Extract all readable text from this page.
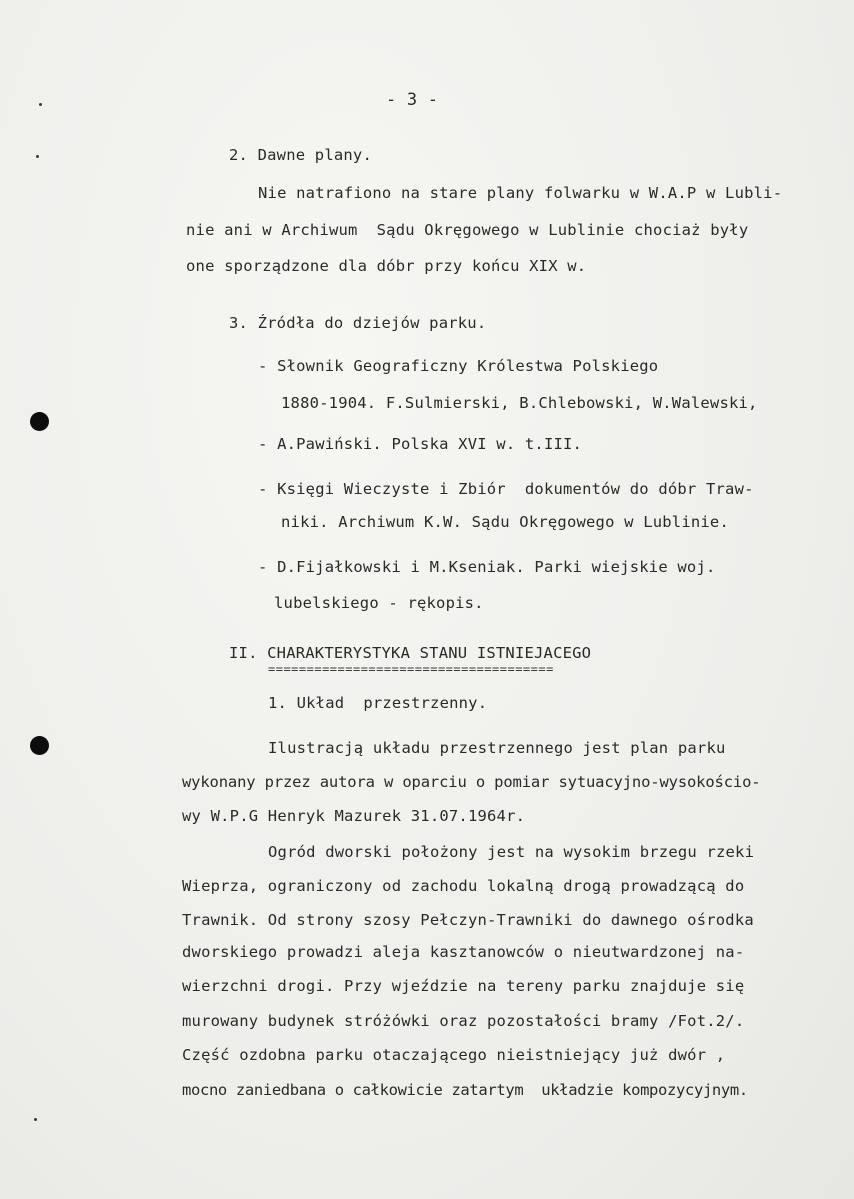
- 3 -
2. Dawne plany.
Nie natrafiono na stare plany folwarku w W.A.P w Lubli-
nie ani w Archiwum  Sądu Okręgowego w Lublinie chociaż były
one sporządzone dla dóbr przy końcu XIX w.
3. Źródła do dziejów parku.
- Słownik Geograficzny Królestwa Polskiego
1880-1904. F.Sulmierski, B.Chlebowski, W.Walewski,
- A.Pawiński. Polska XVI w. t.III.
- Księgi Wieczyste i Zbiór  dokumentów do dóbr Traw-
niki. Archiwum K.W. Sądu Okręgowego w Lublinie.
- D.Fijałkowski i M.Kseniak. Parki wiejskie woj.
lubelskiego - rękopis.
II. CHARAKTERYSTYKA STANU ISTNIEJACEGO
=====================================
1. Układ  przestrzenny.
Ilustracją układu przestrzennego jest plan parku
wykonany przez autora w oparciu o pomiar sytuacyjno-wysokościo-
wy W.P.G Henryk Mazurek 31.07.1964r.
Ogród dworski położony jest na wysokim brzegu rzeki
Wieprza, ograniczony od zachodu lokalną drogą prowadzącą do
Trawnik. Od strony szosy Pełczyn-Trawniki do dawnego ośrodka
dworskiego prowadzi aleja kasztanowców o nieutwardzonej na-
wierzchni drogi. Przy wjeździe na tereny parku znajduje się
murowany budynek stróżówki oraz pozostałości bramy /Fot.2/.
Część ozdobna parku otaczającego nieistniejący już dwór ,
mocno zaniedbana o całkowicie zatartym  układzie kompozycyjnym.
